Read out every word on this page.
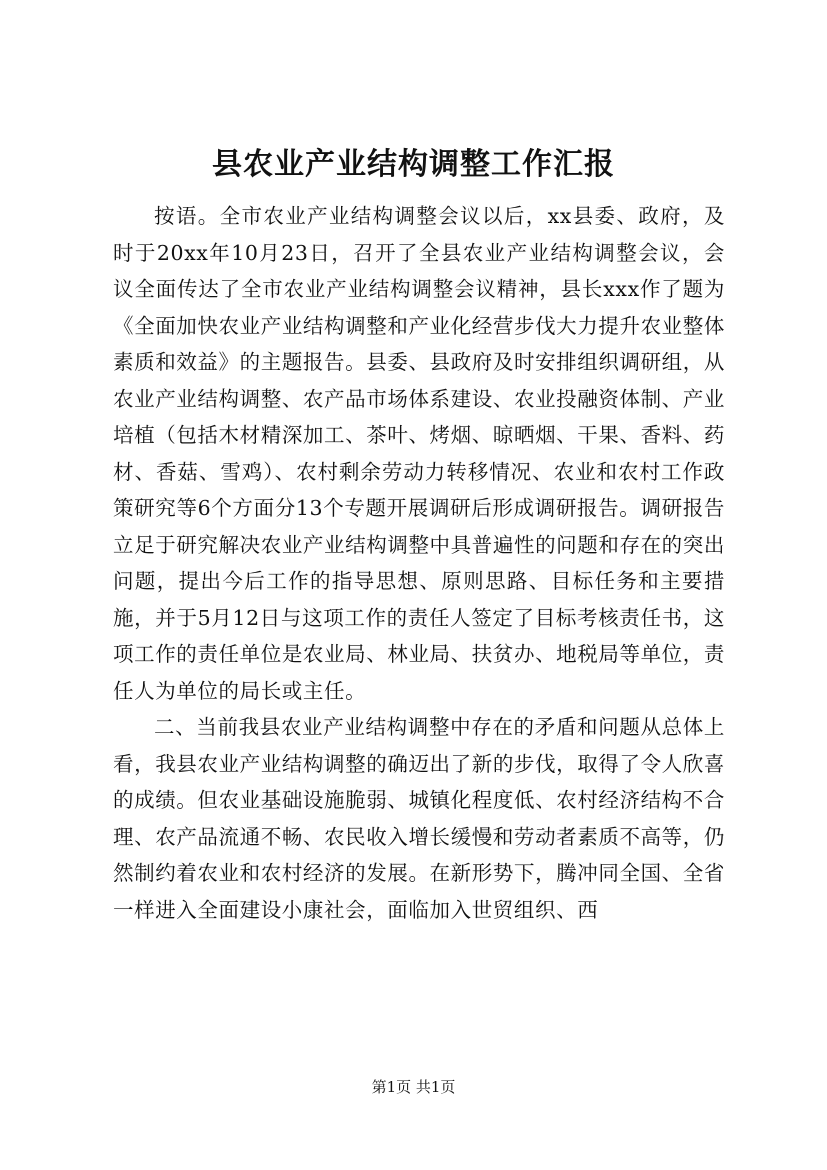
县农业产业结构调整工作汇报

按语。全市农业产业结构调整会议以后，xx县委、政府，及时于20xx年10月23日，召开了全县农业产业结构调整会议，会议全面传达了全市农业产业结构调整会议精神，县长xxx作了题为《全面加快农业产业结构调整和产业化经营步伐大力提升农业整体素质和效益》的主题报告。县委、县政府及时安排组织调研组，从农业产业结构调整、农产品市场体系建设、农业投融资体制、产业培植（包括木材精深加工、茶叶、烤烟、晾晒烟、干果、香料、药材、香菇、雪鸡）、农村剩余劳动力转移情况、农业和农村工作政策研究等6个方面分13个专题开展调研后形成调研报告。调研报告立足于研究解决农业产业结构调整中具普遍性的问题和存在的突出问题，提出今后工作的指导思想、原则思路、目标任务和主要措施，并于5月12日与这项工作的责任人签定了目标考核责任书，这项工作的责任单位是农业局、林业局、扶贫办、地税局等单位，责任人为单位的局长或主任。

二、当前我县农业产业结构调整中存在的矛盾和问题从总体上看，我县农业产业结构调整的确迈出了新的步伐，取得了令人欣喜的成绩。但农业基础设施脆弱、城镇化程度低、农村经济结构不合理、农产品流通不畅、农民收入增长缓慢和劳动者素质不高等，仍然制约着农业和农村经济的发展。在新形势下，腾冲同全国、全省一样进入全面建设小康社会，面临加入世贸组织、西

第1页 共1页
